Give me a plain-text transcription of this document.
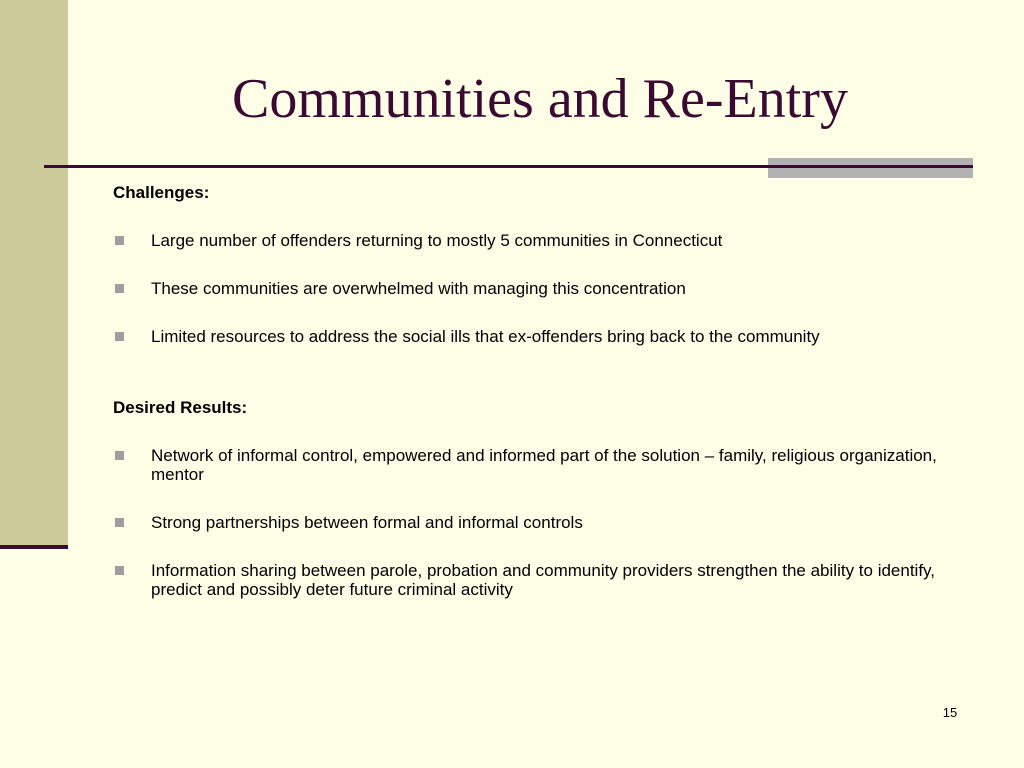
Communities and Re-Entry

Challenges:

Large number of offenders returning to mostly 5 communities in Connecticut
These communities are overwhelmed with managing this concentration
Limited resources to address the social ills that ex-offenders bring back to the community

Desired Results:

Network of informal control, empowered and informed part of the solution – family, religious organization, mentor
Strong partnerships between formal and informal controls
Information sharing between parole, probation and community providers strengthen the ability to identify, predict and possibly deter future criminal activity
15
